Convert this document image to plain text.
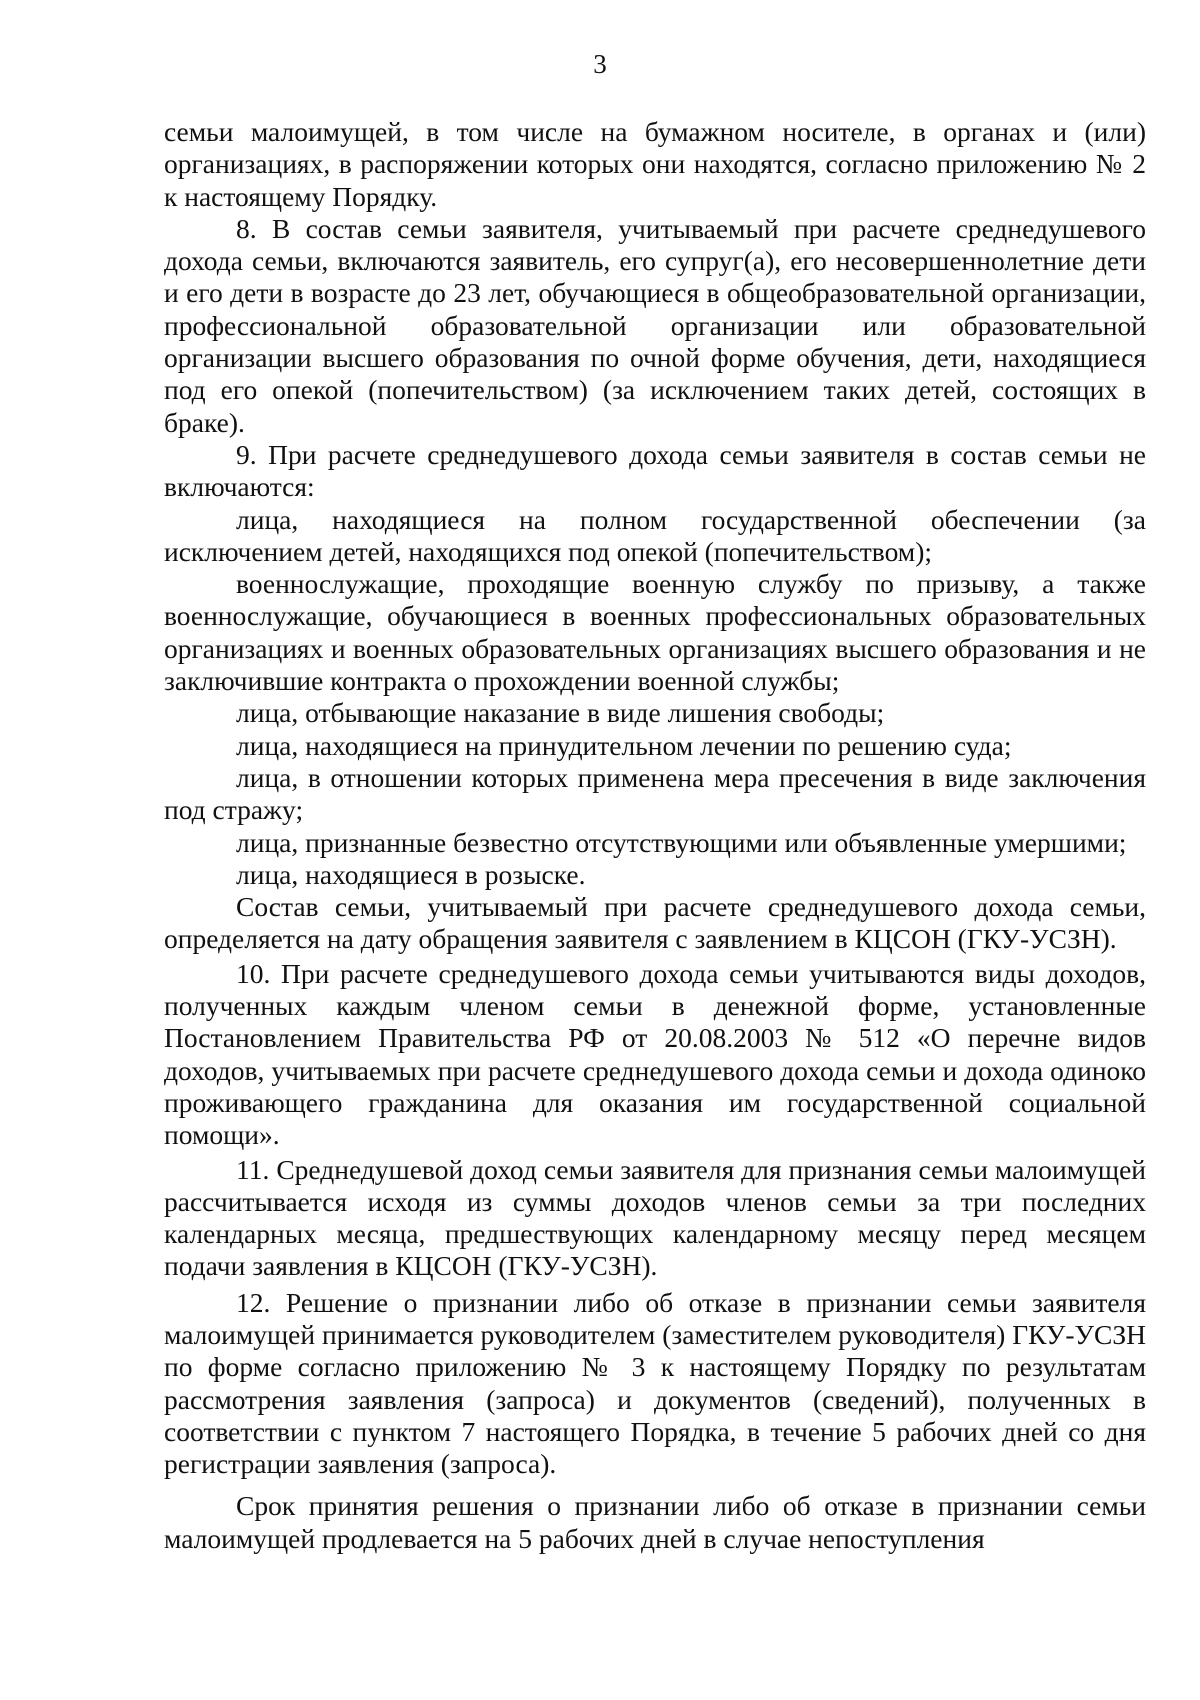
3

семьи малоимущей, в том числе на бумажном носителе, в органах и (или) организациях, в распоряжении которых они находятся, согласно приложению № 2 к настоящему Порядку.

8. В состав семьи заявителя, учитываемый при расчете среднедушевого дохода семьи, включаются заявитель, его супруг(а), его несовершеннолетние дети и его дети в возрасте до 23 лет, обучающиеся в общеобразовательной организации, профессиональной образовательной организации или образовательной организации высшего образования по очной форме обучения, дети, находящиеся под его опекой (попечительством) (за исключением таких детей, состоящих в браке).

9. При расчете среднедушевого дохода семьи заявителя в состав семьи не включаются:

лица, находящиеся на полном государственной обеспечении (за исключением детей, находящихся под опекой (попечительством);

военнослужащие, проходящие военную службу по призыву, а также военнослужащие, обучающиеся в военных профессиональных образовательных организациях и военных образовательных организациях высшего образования и не заключившие контракта о прохождении военной службы;

лица, отбывающие наказание в виде лишения свободы;

лица, находящиеся на принудительном лечении по решению суда;

лица, в отношении которых применена мера пресечения в виде заключения под стражу;

лица, признанные безвестно отсутствующими или объявленные умершими;

лица, находящиеся в розыске.

Состав семьи, учитываемый при расчете среднедушевого дохода семьи, определяется на дату обращения заявителя с заявлением в КЦСОН (ГКУ-УСЗН).

10. При расчете среднедушевого дохода семьи учитываются виды доходов, полученных каждым членом семьи в денежной форме, установленные Постановлением Правительства РФ от 20.08.2003 № 512 «О перечне видов доходов, учитываемых при расчете среднедушевого дохода семьи и дохода одиноко проживающего гражданина для оказания им государственной социальной помощи».

11. Среднедушевой доход семьи заявителя для признания семьи малоимущей рассчитывается исходя из суммы доходов членов семьи за три последних календарных месяца, предшествующих календарному месяцу перед месяцем подачи заявления в КЦСОН (ГКУ-УСЗН).

12. Решение о признании либо об отказе в признании семьи заявителя малоимущей принимается руководителем (заместителем руководителя) ГКУ-УСЗН по форме согласно приложению № 3 к настоящему Порядку по результатам рассмотрения заявления (запроса) и документов (сведений), полученных в соответствии с пунктом 7 настоящего Порядка, в течение 5 рабочих дней со дня регистрации заявления (запроса).

Срок принятия решения о признании либо об отказе в признании семьи малоимущей продлевается на 5 рабочих дней в случае непоступления
